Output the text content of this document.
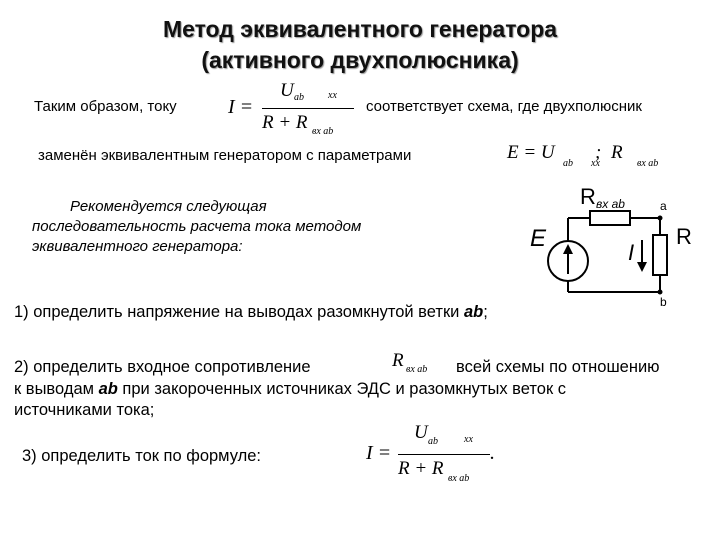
Метод эквивалентного генератора
(активного двухполюсника)
Таким образом, току	I =
U ab xx
R + R вх ab
соответствует схема, где двухполюсник
заменён эквивалентным генератором с параметрами	E = U
ab xx
; R
вх ab
Рекомендуется следующая
последовательность расчета тока методом
эквивалентного генератора:
R вх ab	a
b
E
I
R
1) определить напряжение на выводах разомкнутой ветки ab;
2) определить входное сопротивление	R вх ab всей схемы по отношению
к выводам ab при закороченных источниках ЭДС и разомкнутых веток с
источниками тока;
3) определить ток по формуле:	I =
U ab	xx
R + R вх ab
.
